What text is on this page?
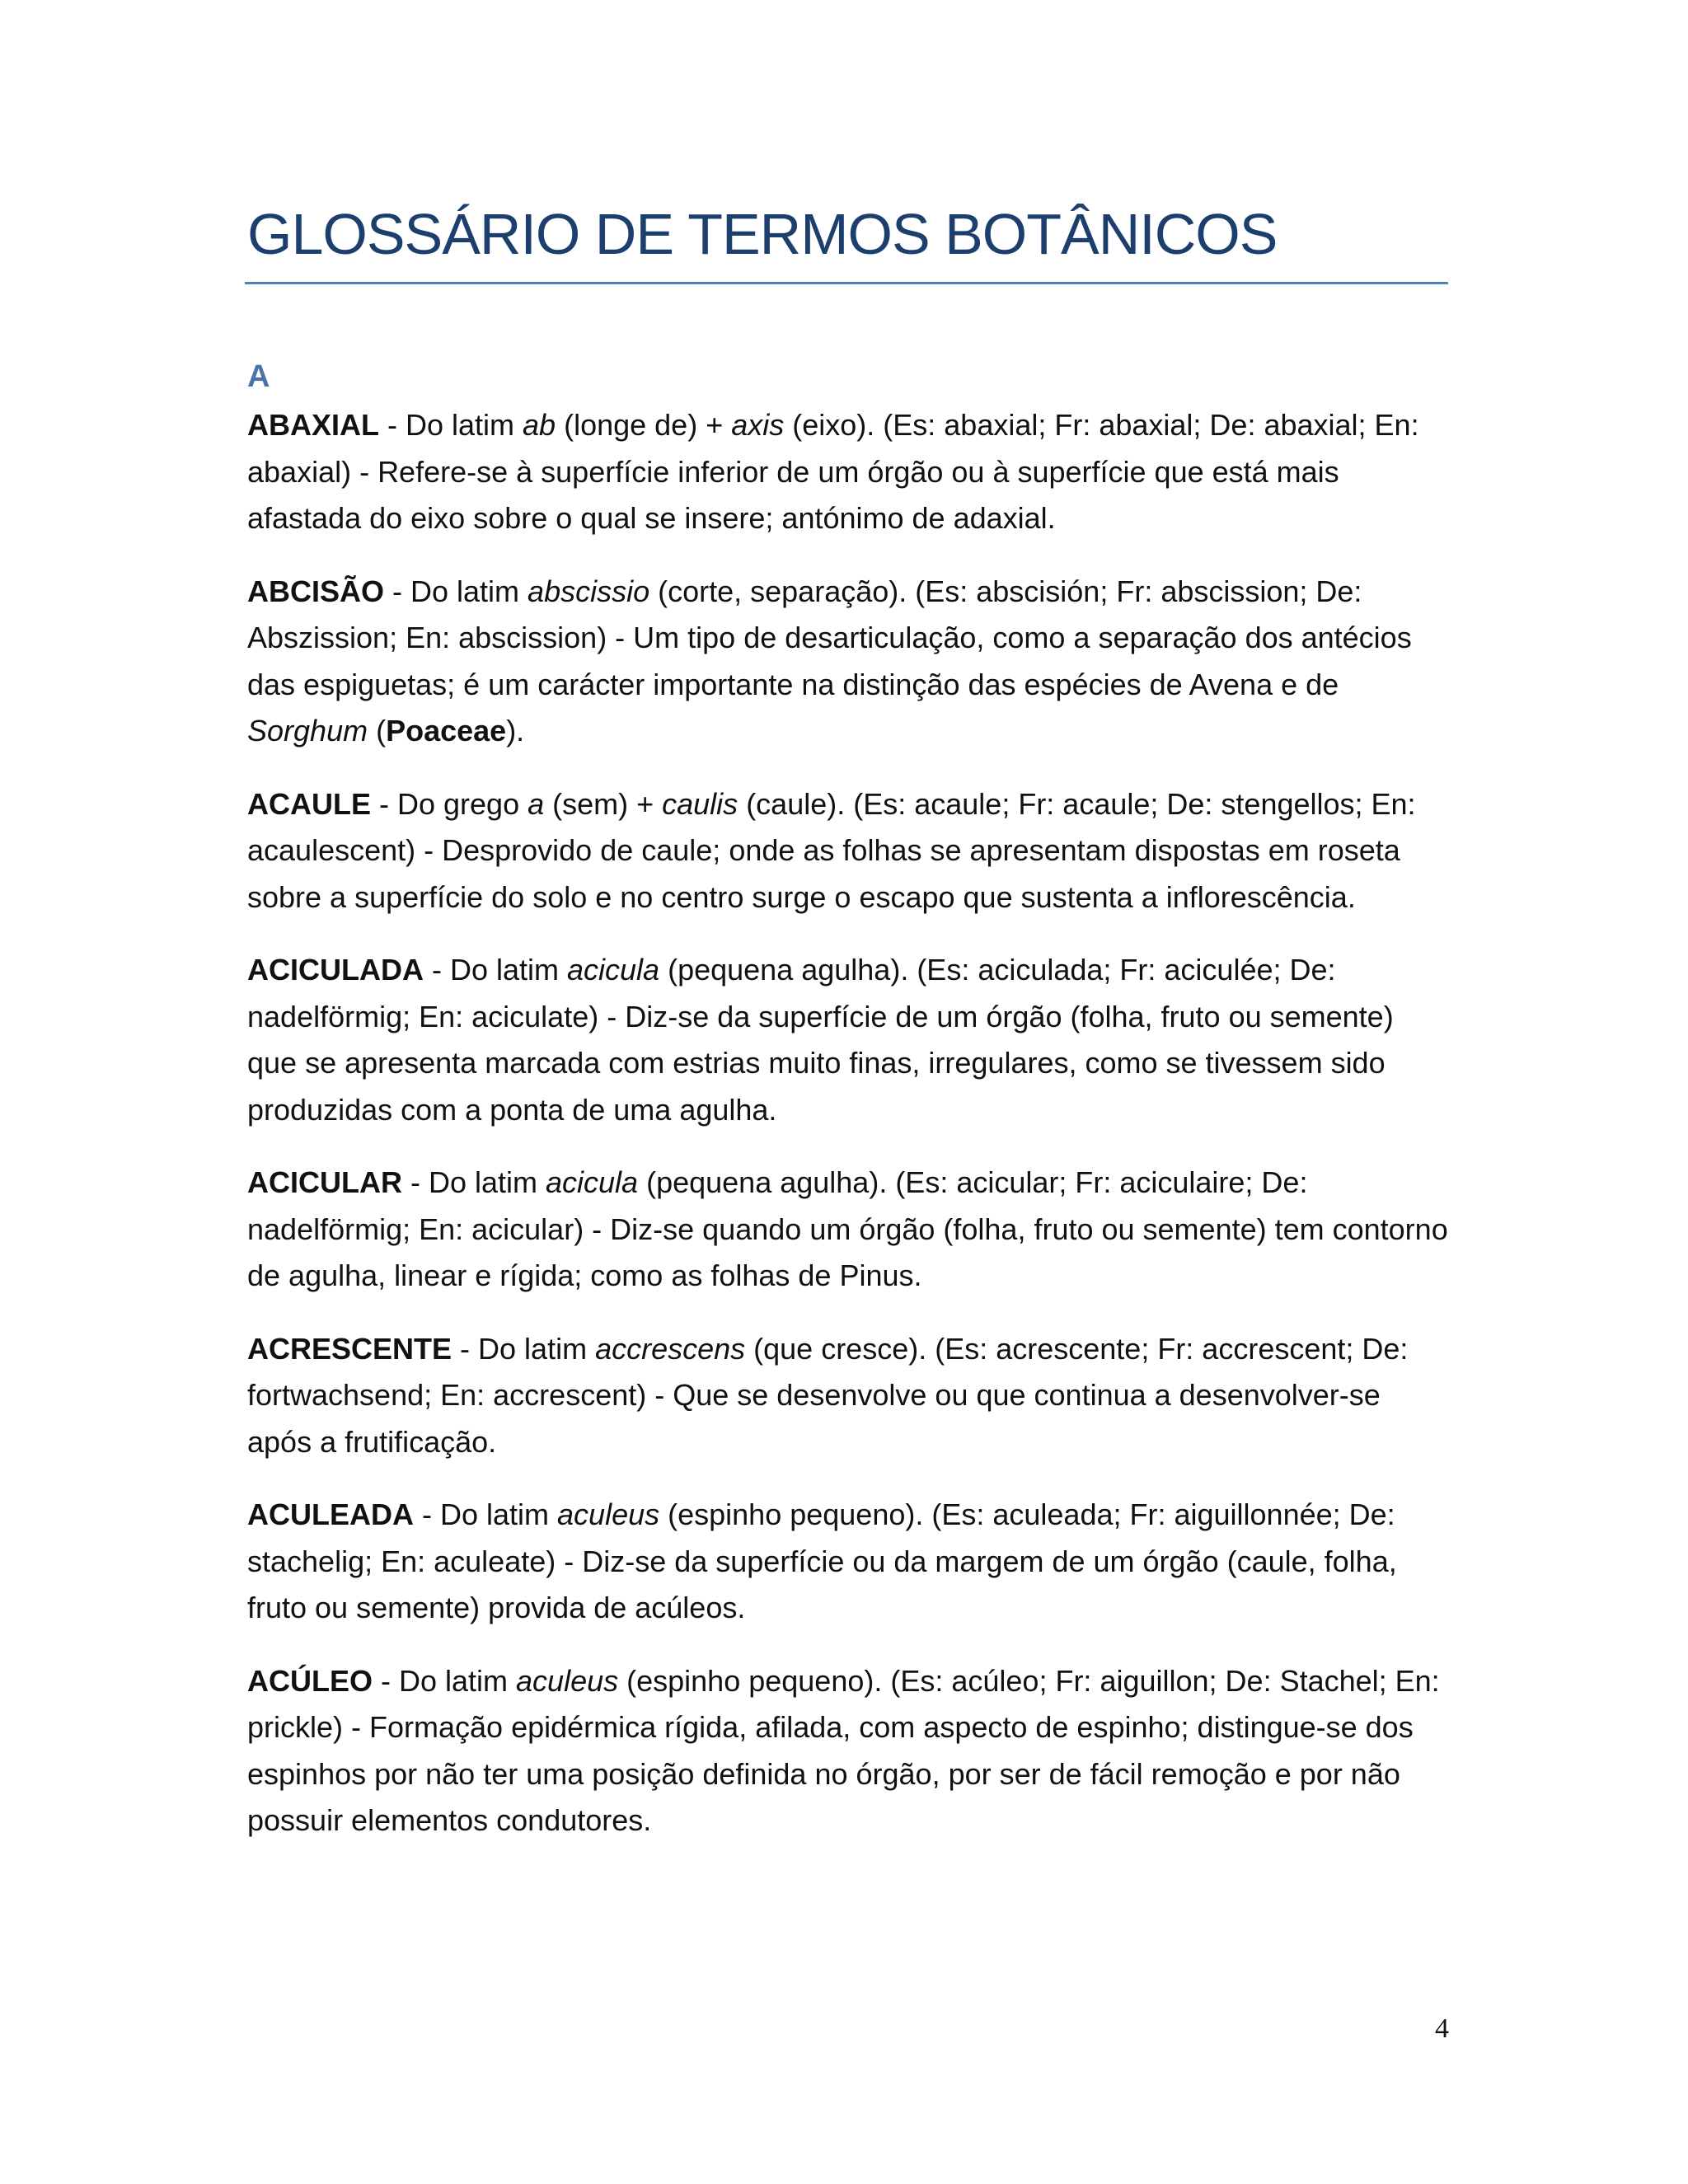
GLOSSÁRIO DE TERMOS BOTÂNICOS
A

ABAXIAL - Do latim ab (longe de) + axis (eixo). (Es: abaxial; Fr: abaxial; De: abaxial; En: abaxial) - Refere-se à superfície inferior de um órgão ou à superfície que está mais afastada do eixo sobre o qual se insere; antónimo de adaxial.

ABCISÃO - Do latim abscissio (corte, separação). (Es: abscisión; Fr: abscission; De: Abszission; En: abscission) - Um tipo de desarticulação, como a separação dos antécios das espiguetas; é um carácter importante na distinção das espécies de Avena e de Sorghum (Poaceae).

ACAULE - Do grego a (sem) + caulis (caule). (Es: acaule; Fr: acaule; De: stengellos; En: acaulescent) - Desprovido de caule; onde as folhas se apresentam dispostas em roseta sobre a superfície do solo e no centro surge o escapo que sustenta a inflorescência.

ACICULADA - Do latim acicula (pequena agulha). (Es: aciculada; Fr: aciculée; De: nadelförmig; En: aciculate) - Diz-se da superfície de um órgão (folha, fruto ou semente) que se apresenta marcada com estrias muito finas, irregulares, como se tivessem sido produzidas com a ponta de uma agulha.

ACICULAR - Do latim acicula (pequena agulha). (Es: acicular; Fr: aciculaire; De: nadelförmig; En: acicular) - Diz-se quando um órgão (folha, fruto ou semente) tem contorno de agulha, linear e rígida; como as folhas de Pinus.

ACRESCENTE - Do latim accrescens (que cresce). (Es: acrescente; Fr: accrescent; De: fortwachsend; En: accrescent) - Que se desenvolve ou que continua a desenvolver-se após a frutificação.

ACULEADA - Do latim aculeus (espinho pequeno). (Es: aculeada; Fr: aiguillonnée; De: stachelig; En: aculeate) - Diz-se da superfície ou da margem de um órgão (caule, folha, fruto ou semente) provida de acúleos.

ACÚLEO - Do latim aculeus (espinho pequeno). (Es: acúleo; Fr: aiguillon; De: Stachel; En: prickle) - Formação epidérmica rígida, afilada, com aspecto de espinho; distingue-se dos espinhos por não ter uma posição definida no órgão, por ser de fácil remoção e por não possuir elementos condutores.

4
